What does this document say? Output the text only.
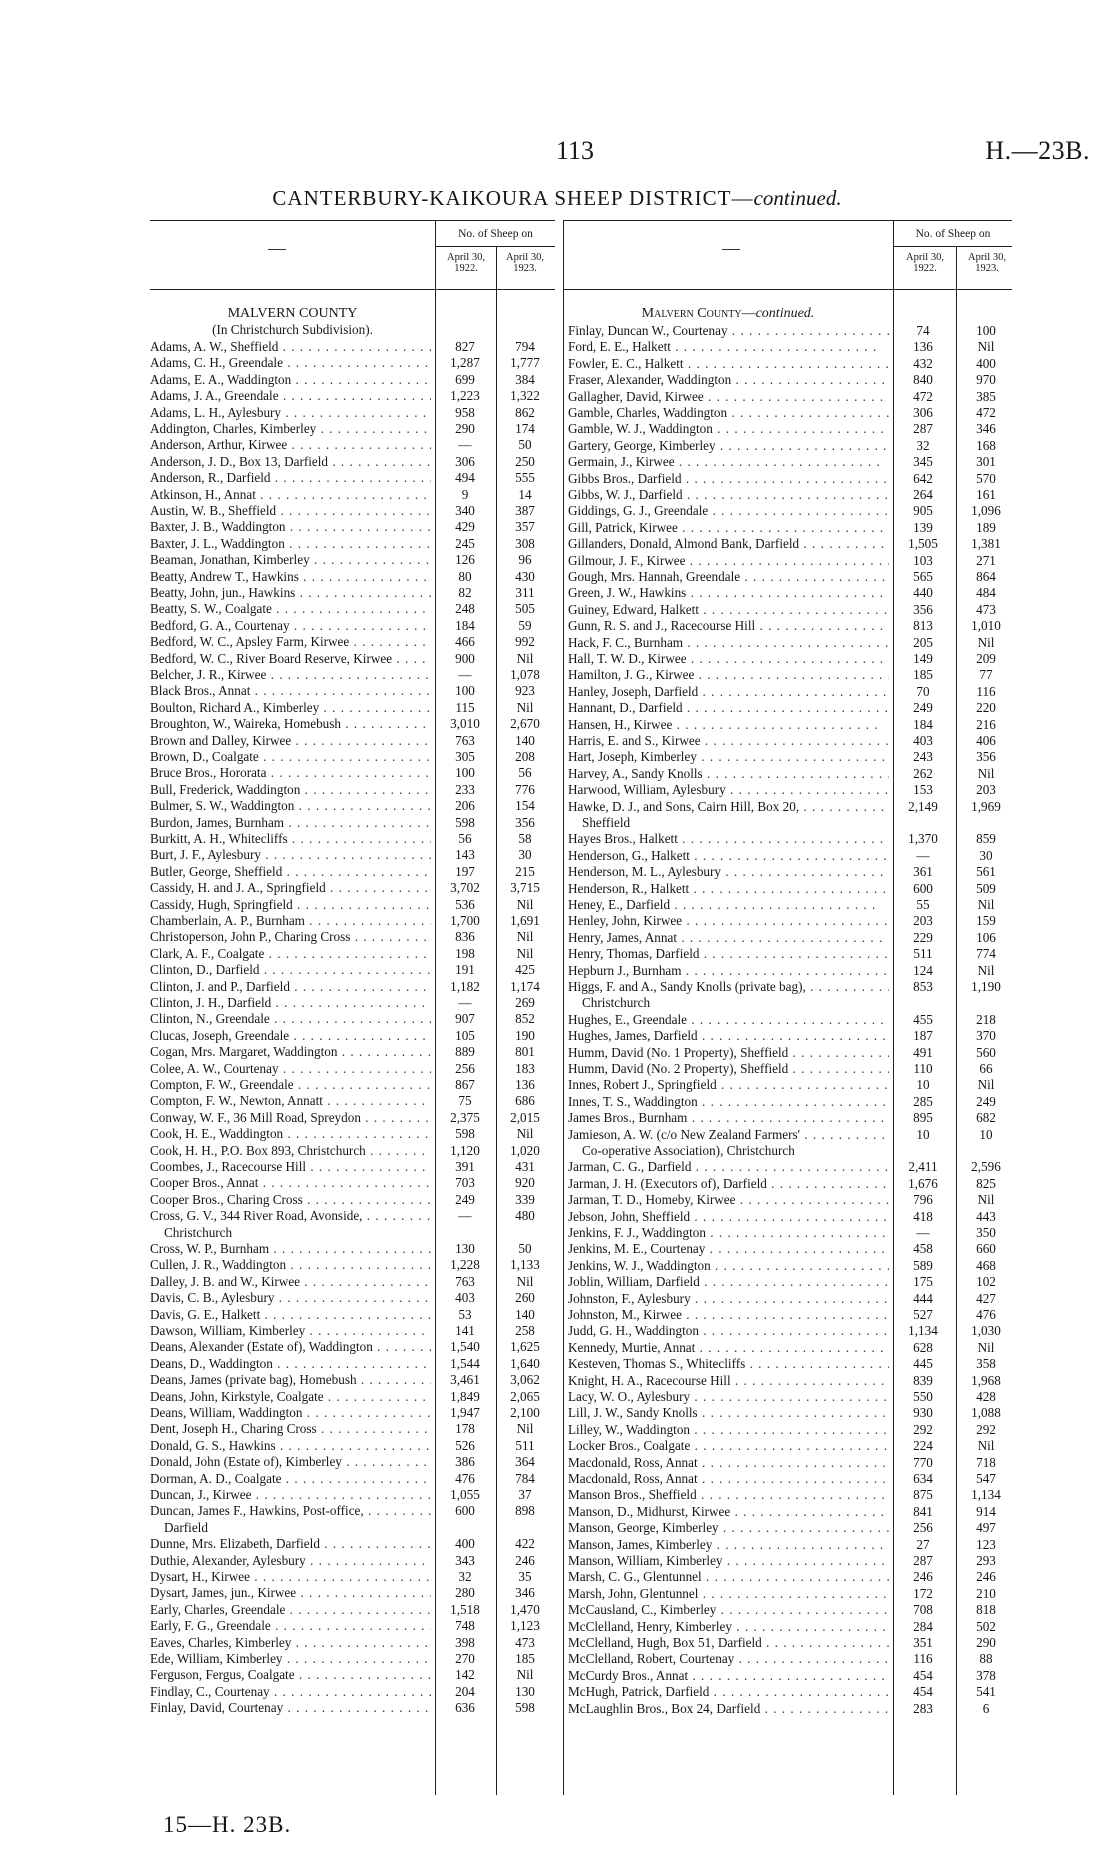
113	H.—23B.
CANTERBURY-KAIKOURA SHEEP DISTRICT—continued.
—
No. of Sheep on
April 30, 1922.
April 30, 1923.
—
No. of Sheep on
April 30, 1922.
April 30, 1923.
MALVERN COUNTY
(In Christchurch Subdivision).
Malvern County—continued.
Adams, A. W., Sheffield . .	827	794
Adams, C. H., Greendale . .	1,287	1,777
Adams, E. A., Waddington . .	699	384
Adams, J. A., Greendale . .	1,223	1,322
Adams, L. H., Aylesbury . .	958	862
Addington, Charles, Kimberley . .	290	174
Anderson, Arthur, Kirwee . .	—	50
Anderson, J. D., Box 13, Darfield . .	306	250
Anderson, R., Darfield . .	494	555
Atkinson, H., Annat . .	9	14
Austin, W. B., Sheffield . .	340	387
Baxter, J. B., Waddington . .	429	357
Baxter, J. L., Waddington . .	245	308
Beaman, Jonathan, Kimberley . .	126	96
Beatty, Andrew T., Hawkins . .	80	430
Beatty, John, jun., Hawkins . .	82	311
Beatty, S. W., Coalgate . .	248	505
Bedford, G. A., Courtenay . .	184	59
Bedford, W. C., Apsley Farm, Kirwee . .	466	992
Bedford, W. C., River Board Reserve, Kirwee . .	900	Nil
Belcher, J. R., Kirwee . .	—	1,078
Black Bros., Annat . .	100	923
Boulton, Richard A., Kimberley . .	115	Nil
Broughton, W., Waireka, Homebush . .	3,010	2,670
Brown and Dalley, Kirwee . .	763	140
Brown, D., Coalgate . .	305	208
Bruce Bros., Hororata . .	100	56
Bull, Frederick, Waddington . .	233	776
Bulmer, S. W., Waddington . .	206	154
Burdon, James, Burnham . .	598	356
Burkitt, A. H., Whitecliffs . .	56	58
Burt, J. F., Aylesbury . .	143	30
Butler, George, Sheffield . .	197	215
Cassidy, H. and J. A., Springfield . .	3,702	3,715
Cassidy, Hugh, Springfield . .	536	Nil
Chamberlain, A. P., Burnham . .	1,700	1,691
Christoperson, John P., Charing Cross . .	836	Nil
Clark, A. F., Coalgate . .	198	Nil
Clinton, D., Darfield . .	191	425
Clinton, J. and P., Darfield . .	1,182	1,174
Clinton, J. H., Darfield . .	—	269
Clinton, N., Greendale . .	907	852
Clucas, Joseph, Greendale . .	105	190
Cogan, Mrs. Margaret, Waddington . .	889	801
Colee, A. W., Courtenay . .	256	183
Compton, F. W., Greendale . .	867	136
Compton, F. W., Newton, Annatt . .	75	686
Conway, W. F., 36 Mill Road, Spreydon . .	2,375	2,015
Cook, H. E., Waddington . .	598	Nil
Cook, H. H., P.O. Box 893, Christchurch . .	1,120	1,020
Coombes, J., Racecourse Hill . .	391	431
Cooper Bros., Annat . .	703	920
Cooper Bros., Charing Cross . .	249	339
Cross, G. V., 344 River Road, Avonside, . .	—	480
Christchurch
Cross, W. P., Burnham . .	130	50
Cullen, J. R., Waddington . .	1,228	1,133
Dalley, J. B. and W., Kirwee . .	763	Nil
Davis, C. B., Aylesbury . .	403	260
Davis, G. E., Halkett . .	53	140
Dawson, William, Kimberley . .	141	258
Deans, Alexander (Estate of), Waddington . .	1,540	1,625
Deans, D., Waddington . .	1,544	1,640
Deans, James (private bag), Homebush . .	3,461	3,062
Deans, John, Kirkstyle, Coalgate . .	1,849	2,065
Deans, William, Waddington . .	1,947	2,100
Dent, Joseph H., Charing Cross . .	178	Nil
Donald, G. S., Hawkins . .	526	511
Donald, John (Estate of), Kimberley . .	386	364
Dorman, A. D., Coalgate . .	476	784
Duncan, J., Kirwee . .	1,055	37
Duncan, James F., Hawkins, Post-office, . .	600	898
Darfield
Dunne, Mrs. Elizabeth, Darfield . .	400	422
Duthie, Alexander, Aylesbury . .	343	246
Dysart, H., Kirwee . .	32	35
Dysart, James, jun., Kirwee . .	280	346
Early, Charles, Greendale . .	1,518	1,470
Early, F. G., Greendale . .	748	1,123
Eaves, Charles, Kimberley . .	398	473
Ede, William, Kimberley . .	270	185
Ferguson, Fergus, Coalgate . .	142	Nil
Findlay, C., Courtenay . .	204	130
Finlay, David, Courtenay . .	636	598
Finlay, Duncan W., Courtenay . .	74	100
Ford, E. E., Halkett . .	136	Nil
Fowler, E. C., Halkett . .	432	400
Fraser, Alexander, Waddington . .	840	970
Gallagher, David, Kirwee . .	472	385
Gamble, Charles, Waddington . .	306	472
Gamble, W. J., Waddington . .	287	346
Gartery, George, Kimberley . .	32	168
Germain, J., Kirwee . .	345	301
Gibbs Bros., Darfield . .	642	570
Gibbs, W. J., Darfield . .	264	161
Giddings, G. J., Greendale . .	905	1,096
Gill, Patrick, Kirwee . .	139	189
Gillanders, Donald, Almond Bank, Darfield . .	1,505	1,381
Gilmour, J. F., Kirwee . .	103	271
Gough, Mrs. Hannah, Greendale . .	565	864
Green, J. W., Hawkins . .	440	484
Guiney, Edward, Halkett . .	356	473
Gunn, R. S. and J., Racecourse Hill . .	813	1,010
Hack, F. C., Burnham . .	205	Nil
Hall, T. W. D., Kirwee . .	149	209
Hamilton, J. G., Kirwee . .	185	77
Hanley, Joseph, Darfield . .	70	116
Hannant, D., Darfield . .	249	220
Hansen, H., Kirwee . .	184	216
Harris, E. and S., Kirwee . .	403	406
Hart, Joseph, Kimberley . .	243	356
Harvey, A., Sandy Knolls . .	262	Nil
Harwood, William, Aylesbury . .	153	203
Hawke, D. J., and Sons, Cairn Hill, Box 20, . .	2,149	1,969
Sheffield
Hayes Bros., Halkett . .	1,370	859
Henderson, G., Halkett . .	—	30
Henderson, M. L., Aylesbury . .	361	561
Henderson, R., Halkett . .	600	509
Heney, E., Darfield . .	55	Nil
Henley, John, Kirwee . .	203	159
Henry, James, Annat . .	229	106
Henry, Thomas, Darfield . .	511	774
Hepburn J., Burnham . .	124	Nil
Higgs, F. and A., Sandy Knolls (private bag), . .	853	1,190
Christchurch
Hughes, E., Greendale . .	455	218
Hughes, James, Darfield . .	187	370
Humm, David (No. 1 Property), Sheffield . .	491	560
Humm, David (No. 2 Property), Sheffield . .	110	66
Innes, Robert J., Springfield . .	10	Nil
Innes, T. S., Waddington . .	285	249
James Bros., Burnham . .	895	682
Jamieson, A. W. (c/o New Zealand Farmers' . .	10	10
Co-operative Association), Christchurch
Jarman, C. G., Darfield . .	2,411	2,596
Jarman, J. H. (Executors of), Darfield . .	1,676	825
Jarman, T. D., Homeby, Kirwee . .	796	Nil
Jebson, John, Sheffield . .	418	443
Jenkins, F. J., Waddington . .	—	350
Jenkins, M. E., Courtenay . .	458	660
Jenkins, W. J., Waddington . .	589	468
Joblin, William, Darfield . .	175	102
Johnston, F., Aylesbury . .	444	427
Johnston, M., Kirwee . .	527	476
Judd, G. H., Waddington . .	1,134	1,030
Kennedy, Murtie, Annat . .	628	Nil
Kesteven, Thomas S., Whitecliffs . .	445	358
Knight, H. A., Racecourse Hill . .	839	1,968
Lacy, W. O., Aylesbury . .	550	428
Lill, J. W., Sandy Knolls . .	930	1,088
Lilley, W., Waddington . .	292	292
Locker Bros., Coalgate . .	224	Nil
Macdonald, Ross, Annat . .	770	718
Macdonald, Ross, Annat . .	634	547
Manson Bros., Sheffield . .	875	1,134
Manson, D., Midhurst, Kirwee . .	841	914
Manson, George, Kimberley . .	256	497
Manson, James, Kimberley . .	27	123
Manson, William, Kimberley . .	287	293
Marsh, C. G., Glentunnel . .	246	246
Marsh, John, Glentunnel . .	172	210
McCausland, C., Kimberley . .	708	818
McClelland, Henry, Kimberley . .	284	502
McClelland, Hugh, Box 51, Darfield . .	351	290
McClelland, Robert, Courtenay . .	116	88
McCurdy Bros., Annat . .	454	378
McHugh, Patrick, Darfield . .	454	541
McLaughlin Bros., Box 24, Darfield . .	283	6
15—H. 23B.
